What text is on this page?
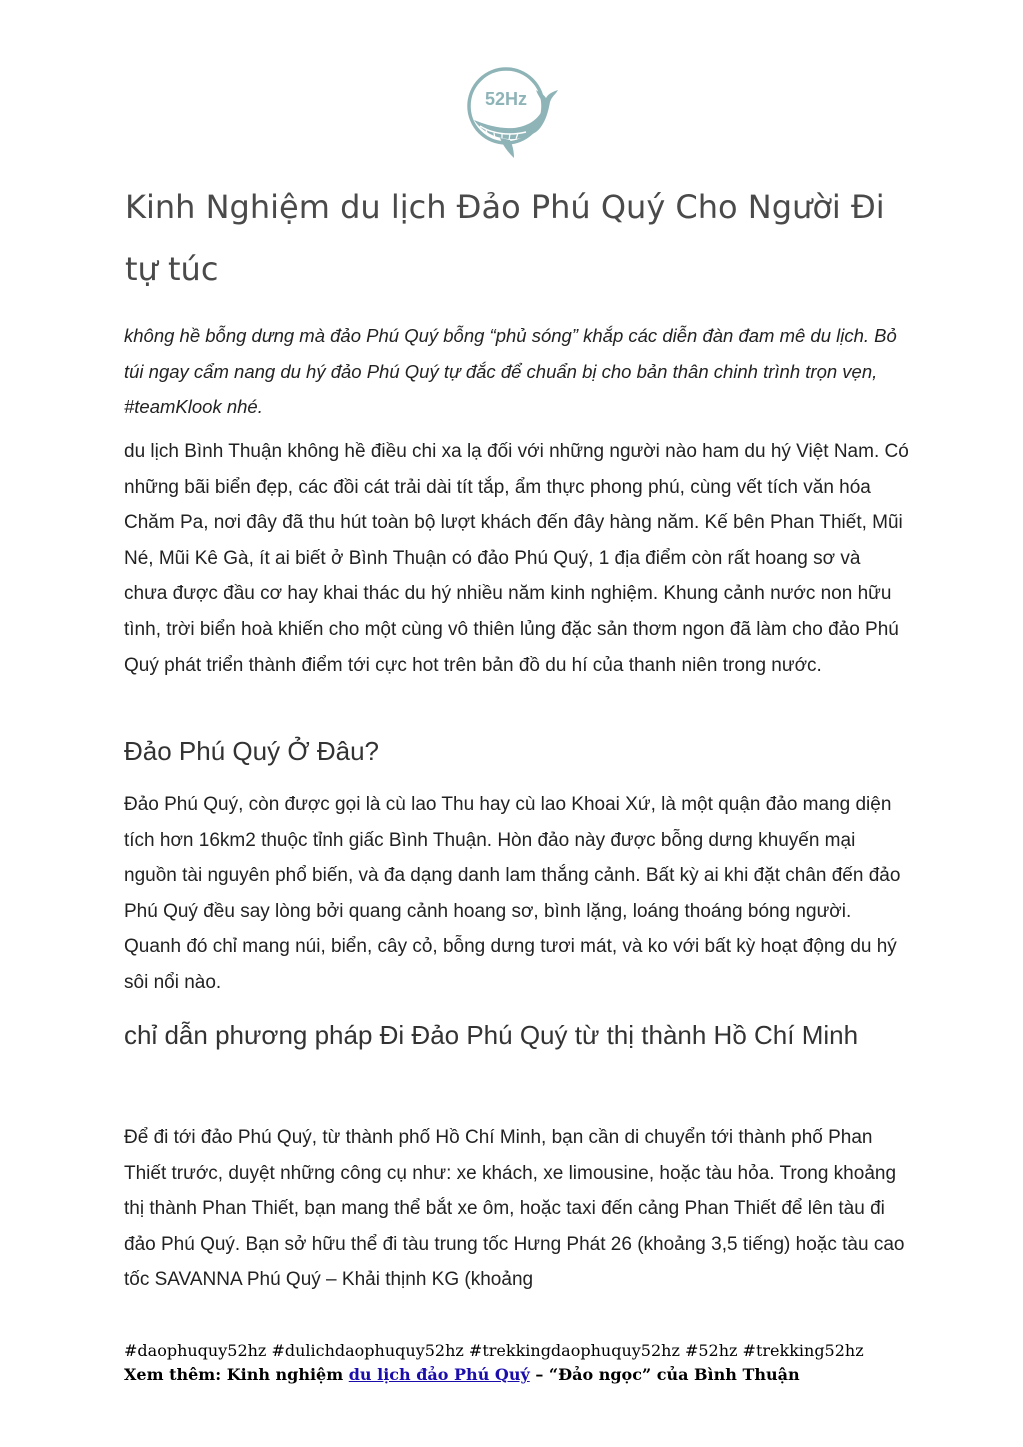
52Hz
Kinh Nghiệm du lịch Đảo Phú Quý Cho Người Đi tự túc

không hề bỗng dưng mà đảo Phú Quý bỗng “phủ sóng” khắp các diễn đàn đam mê du lịch. Bỏ túi ngay cẩm nang du hý đảo Phú Quý tự đắc để chuẩn bị cho bản thân chinh trình trọn vẹn, #teamKlook nhé.

du lịch Bình Thuận không hề điều chi xa lạ đối với những người nào ham du hý Việt Nam. Có những bãi biển đẹp, các đồi cát trải dài tít tắp, ẩm thực phong phú, cùng vết tích văn hóa Chăm Pa, nơi đây đã thu hút toàn bộ lượt khách đến đây hàng năm. Kế bên Phan Thiết, Mũi Né, Mũi Kê Gà, ít ai biết ở Bình Thuận có đảo Phú Quý, 1 địa điểm còn rất hoang sơ và chưa được đầu cơ hay khai thác du hý nhiều năm kinh nghiệm. Khung cảnh nước non hữu tình, trời biển hoà khiến cho một cùng vô thiên lủng đặc sản thơm ngon đã làm cho đảo Phú Quý phát triển thành điểm tới cực hot trên bản đồ du hí của thanh niên trong nước.

Đảo Phú Quý Ở Đâu?

Đảo Phú Quý, còn được gọi là cù lao Thu hay cù lao Khoai Xứ, là một quận đảo mang diện tích hơn 16km2 thuộc tỉnh giấc Bình Thuận. Hòn đảo này được bỗng dưng khuyến mại nguồn tài nguyên phổ biến, và đa dạng danh lam thắng cảnh. Bất kỳ ai khi đặt chân đến đảo Phú Quý đều say lòng bởi quang cảnh hoang sơ, bình lặng, loáng thoáng bóng người. Quanh đó chỉ mang núi, biển, cây cỏ, bỗng dưng tươi mát, và ko với bất kỳ hoạt động du hý sôi nổi nào.

chỉ dẫn phương pháp Đi Đảo Phú Quý từ thị thành Hồ Chí Minh

Để đi tới đảo Phú Quý, từ thành phố Hồ Chí Minh, bạn cần di chuyển tới thành phố Phan Thiết trước, duyệt những công cụ như: xe khách, xe limousine, hoặc tàu hỏa. Trong khoảng thị thành Phan Thiết, bạn mang thể bắt xe ôm, hoặc taxi đến cảng Phan Thiết để lên tàu đi đảo Phú Quý. Bạn sở hữu thể đi tàu trung tốc Hưng Phát 26 (khoảng 3,5 tiếng) hoặc tàu cao tốc SAVANNA Phú Quý – Khải thịnh KG (khoảng

#daophuquy52hz #dulichdaophuquy52hz #trekkingdaophuquy52hz #52hz #trekking52hz
Xem thêm: Kinh nghiệm du lịch đảo Phú Quý – “Đảo ngọc” của Bình Thuận
